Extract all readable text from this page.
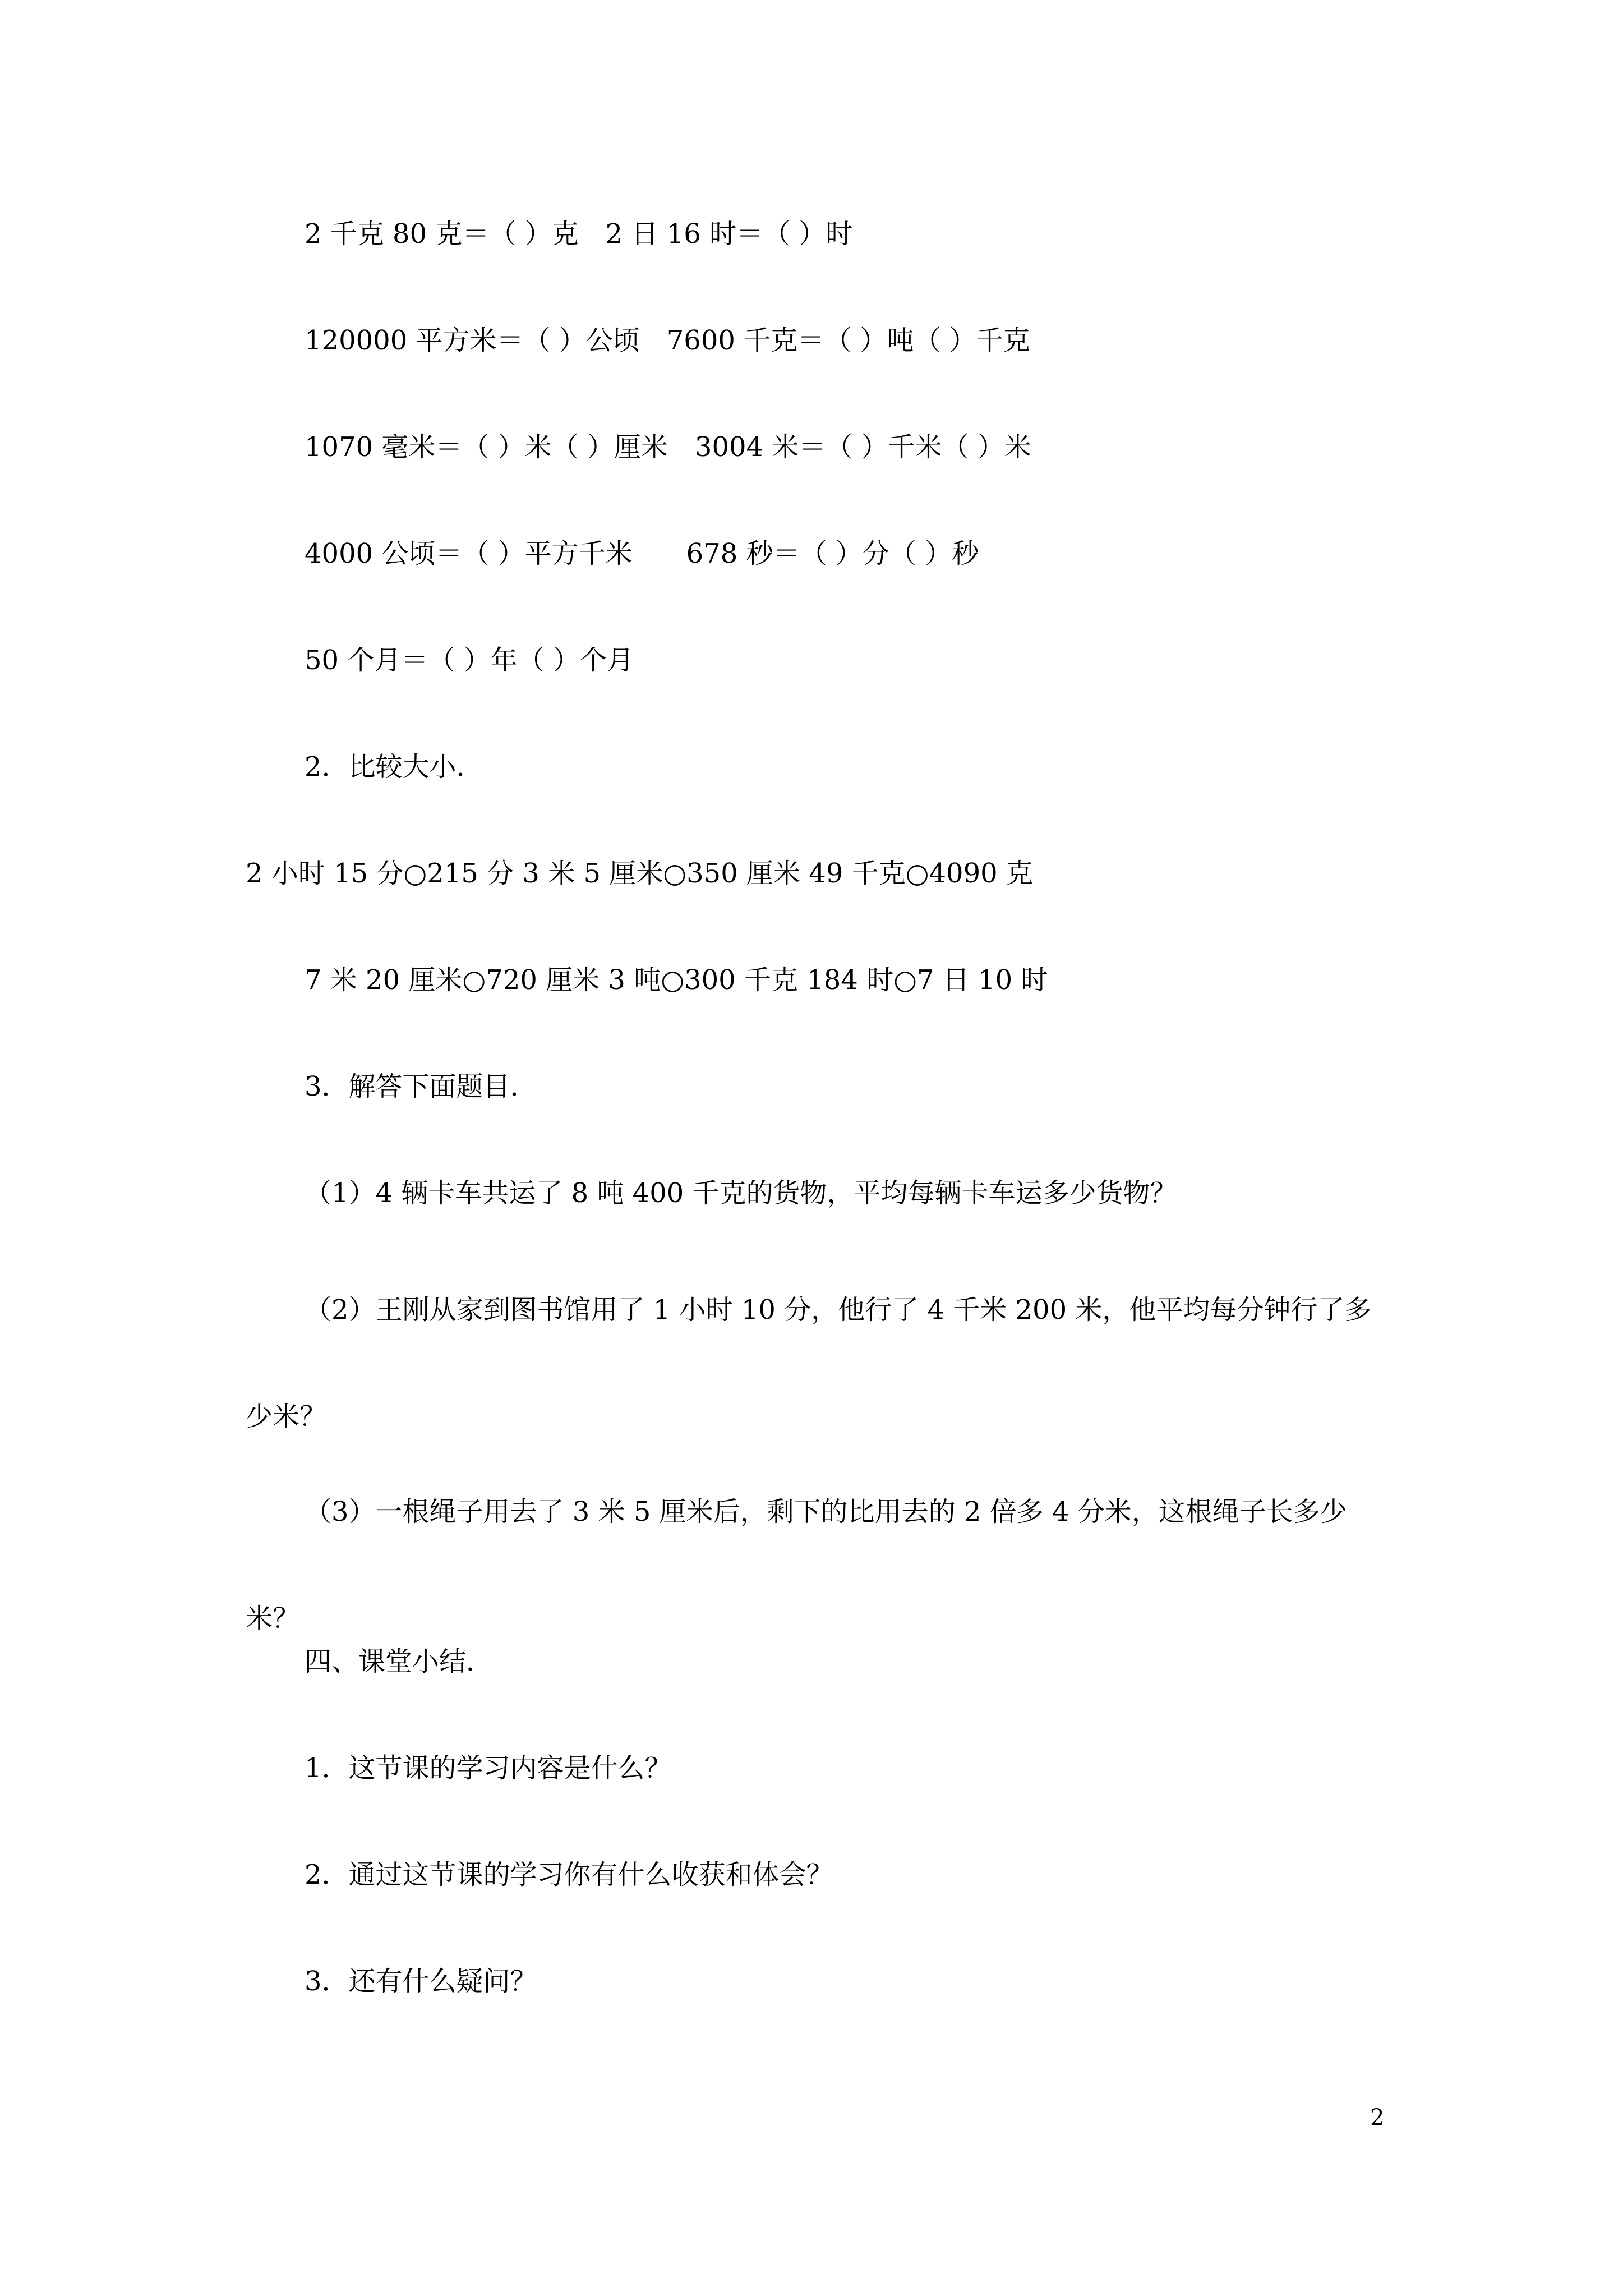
2 千克 80 克＝（ ）克　2 日 16 时＝（ ）时
120000 平方米＝（ ）公顷　7600 千克＝（ ）吨（ ）千克
1070 毫米＝（ ）米（ ）厘米　3004 米＝（ ）千米（ ）米
4000 公顷＝（ ）平方千米　　678 秒＝（ ）分（ ）秒
50 个月＝（ ）年（ ）个月
2．比较大小．
2 小时 15 分○215 分 3 米 5 厘米○350 厘米 49 千克○4090 克
7 米 20 厘米○720 厘米 3 吨○300 千克 184 时○7 日 10 时
3．解答下面题目．
（1）4 辆卡车共运了 8 吨 400 千克的货物，平均每辆卡车运多少货物？
（2）王刚从家到图书馆用了 1 小时 10 分，他行了 4 千米 200 米，他平均每分钟行了多少米？
（3）一根绳子用去了 3 米 5 厘米后，剩下的比用去的 2 倍多 4 分米，这根绳子长多少米？
四、课堂小结．
1．这节课的学习内容是什么？
2．通过这节课的学习你有什么收获和体会？
3．还有什么疑问？
2
